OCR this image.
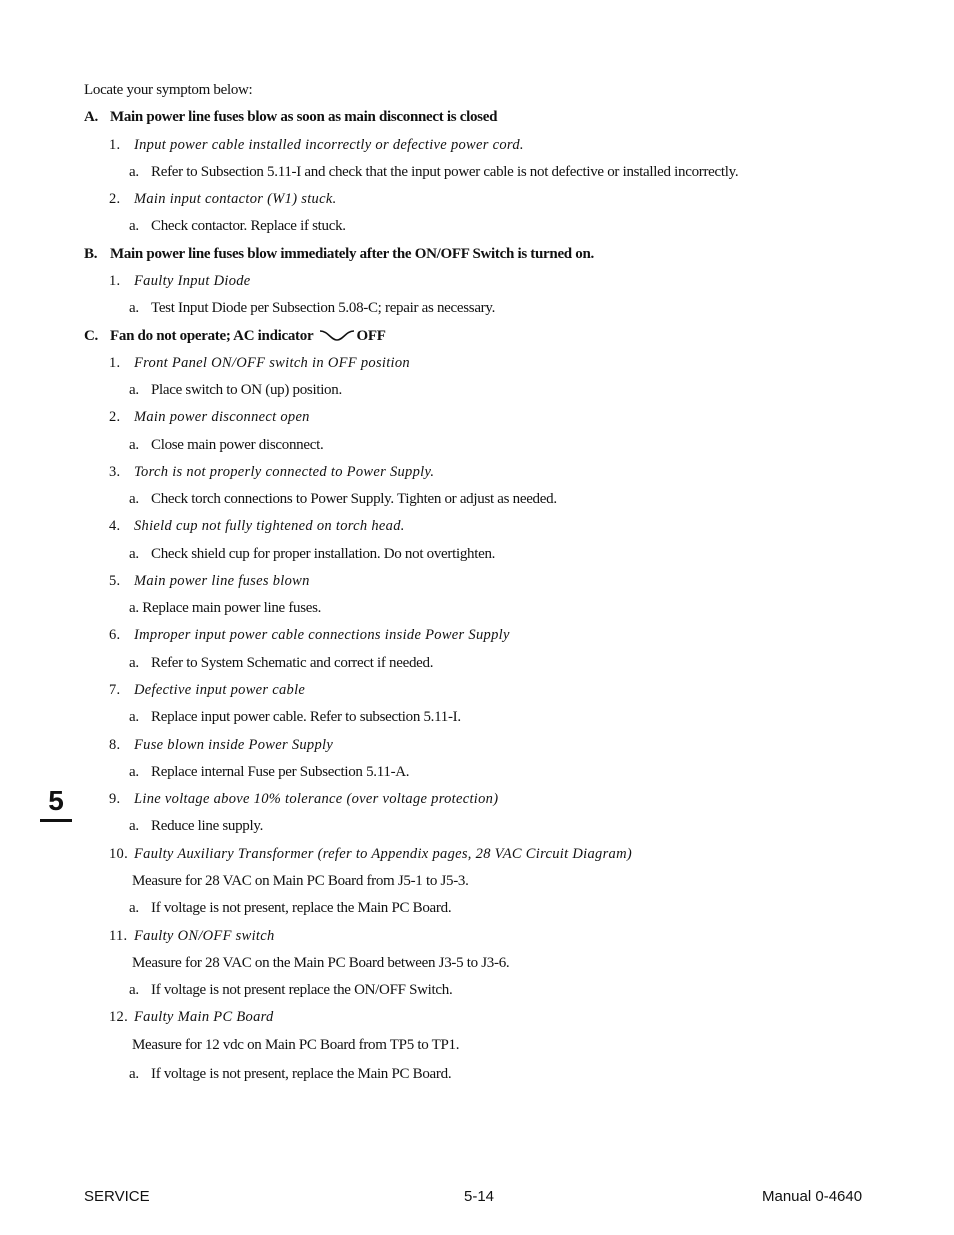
Locate your symptom below:
A. Main power line fuses blow as soon as main disconnect is closed
1. Input power cable installed incorrectly or defective power cord.
a. Refer to Subsection 5.11-I and check that the input power cable is not defective or installed incorrectly.
2. Main input contactor (W1) stuck.
a. Check contactor. Replace if stuck.
B. Main power line fuses blow immediately after the ON/OFF Switch is turned on.
1. Faulty Input Diode
a. Test Input Diode per Subsection 5.08-C; repair as necessary.
C. Fan do not operate; AC indicator	OFF
1. Front Panel ON/OFF switch in OFF position
a. Place switch to ON (up) position.
2. Main power disconnect open
a. Close main power disconnect.
3. Torch is not properly connected to Power Supply.
a. Check torch connections to Power Supply. Tighten or adjust as needed.
4. Shield cup not fully tightened on torch head.
a. Check shield cup for proper installation. Do not overtighten.
5. Main power line fuses blown
a. Replace main power line fuses.
6. Improper input power cable connections inside Power Supply
a. Refer to System Schematic and correct if needed.
7. Defective input power cable
a. Replace input power cable. Refer to subsection 5.11-I.
8. Fuse blown inside Power Supply
a. Replace internal Fuse per Subsection 5.11-A.
9. Line voltage above 10% tolerance (over voltage protection)
a. Reduce line supply.
10. Faulty Auxiliary Transformer (refer to Appendix pages, 28 VAC Circuit Diagram)
Measure for 28 VAC on Main PC Board from J5-1 to J5-3.
a. If voltage is not present, replace the Main PC Board.
11. Faulty ON/OFF switch
Measure for 28 VAC on the Main PC Board between J3-5 to J3-6.
a. If voltage is not present replace the ON/OFF Switch.
12. Faulty Main PC Board
Measure for 12 vdc on Main PC Board from TP5 to TP1.
a. If voltage is not present, replace the Main PC Board.
5
SERVICE	5-14	Manual 0-4640
